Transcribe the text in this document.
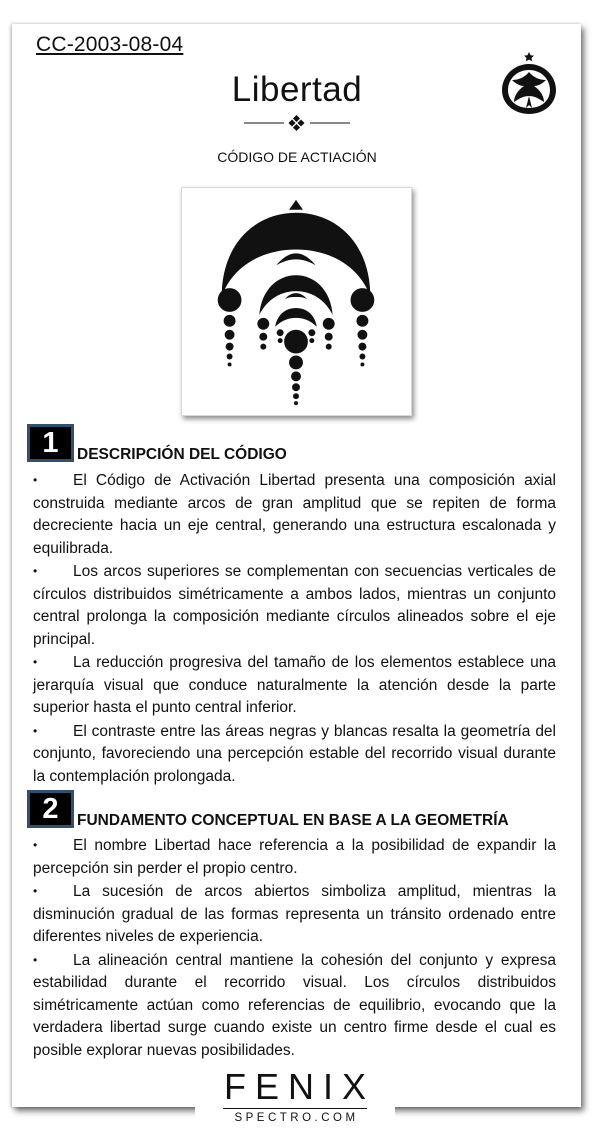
CC-2003-08-04
Libertad
CÓDIGO DE ACTIACIÓN
1	DESCRIPCIÓN DEL CÓDIGO
• El Código de Activación Libertad presenta una composición axial construida mediante arcos de gran amplitud que se repiten de forma decreciente hacia un eje central, generando una estructura escalonada y equilibrada.
• Los arcos superiores se complementan con secuencias verticales de círculos distribuidos simétricamente a ambos lados, mientras un conjunto central prolonga la composición mediante círculos alineados sobre el eje principal.
• La reducción progresiva del tamaño de los elementos establece una jerarquía visual que conduce naturalmente la atención desde la parte superior hasta el punto central inferior.
• El contraste entre las áreas negras y blancas resalta la geometría del conjunto, favoreciendo una percepción estable del recorrido visual durante la contemplación prolongada.
2	FUNDAMENTO CONCEPTUAL EN BASE A LA GEOMETRÍA
• El nombre Libertad hace referencia a la posibilidad de expandir la percepción sin perder el propio centro.
• La sucesión de arcos abiertos simboliza amplitud, mientras la disminución gradual de las formas representa un tránsito ordenado entre diferentes niveles de experiencia.
• La alineación central mantiene la cohesión del conjunto y expresa estabilidad durante el recorrido visual. Los círculos distribuidos simétricamente actúan como referencias de equilibrio, evocando que la verdadera libertad surge cuando existe un centro firme desde el cual es posible explorar nuevas posibilidades.
FENIX
SPECTRO.COM
